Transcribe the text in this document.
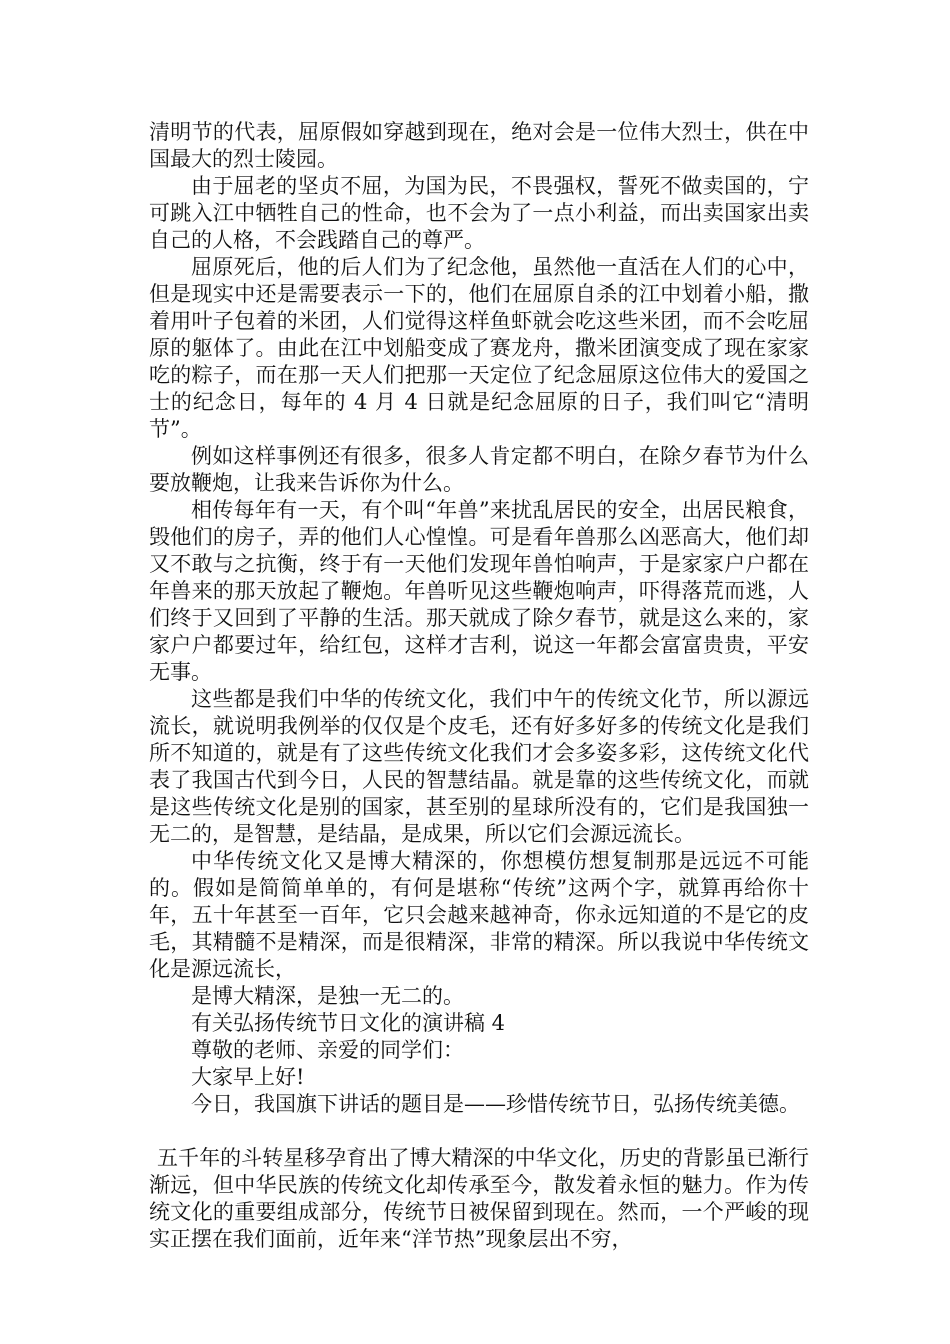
清明节的代表，屈原假如穿越到现在，绝对会是一位伟大烈士，供在中国最大的烈士陵园。

由于屈老的坚贞不屈，为国为民，不畏强权，誓死不做卖国的，宁可跳入江中牺牲自己的性命，也不会为了一点小利益，而出卖国家出卖自己的人格，不会践踏自己的尊严。

屈原死后，他的后人们为了纪念他，虽然他一直活在人们的心中，但是现实中还是需要表示一下的，他们在屈原自杀的江中划着小船，撒着用叶子包着的米团，人们觉得这样鱼虾就会吃这些米团，而不会吃屈原的躯体了。由此在江中划船变成了赛龙舟，撒米团演变成了现在家家吃的粽子，而在那一天人们把那一天定位了纪念屈原这位伟大的爱国之士的纪念日，每年的 4 月 4 日就是纪念屈原的日子，我们叫它“清明节”。

例如这样事例还有很多，很多人肯定都不明白，在除夕春节为什么要放鞭炮，让我来告诉你为什么。

相传每年有一天，有个叫“年兽”来扰乱居民的安全，出居民粮食，毁他们的房子，弄的他们人心惶惶。可是看年兽那么凶恶高大，他们却又不敢与之抗衡，终于有一天他们发现年兽怕响声，于是家家户户都在年兽来的那天放起了鞭炮。年兽听见这些鞭炮响声，吓得落荒而逃，人们终于又回到了平静的生活。那天就成了除夕春节，就是这么来的，家家户户都要过年，给红包，这样才吉利，说这一年都会富富贵贵，平安无事。

这些都是我们中华的传统文化，我们中午的传统文化节，所以源远流长，就说明我例举的仅仅是个皮毛，还有好多好多的传统文化是我们所不知道的，就是有了这些传统文化我们才会多姿多彩，这传统文化代表了我国古代到今日，人民的智慧结晶。就是靠的这些传统文化，而就是这些传统文化是别的国家，甚至别的星球所没有的，它们是我国独一无二的，是智慧，是结晶，是成果，所以它们会源远流长。

中华传统文化又是博大精深的，你想模仿想复制那是远远不可能的。假如是简简单单的，有何是堪称“传统”这两个字，就算再给你十年，五十年甚至一百年，它只会越来越神奇，你永远知道的不是它的皮毛，其精髓不是精深，而是很精深，非常的精深。所以我说中华传统文化是源远流长，

是博大精深，是独一无二的。

有关弘扬传统节日文化的演讲稿 4

尊敬的老师、亲爱的同学们：

大家早上好!

今日，我国旗下讲话的题目是——珍惜传统节日，弘扬传统美德。

五千年的斗转星移孕育出了博大精深的中华文化，历史的背影虽已渐行渐远，但中华民族的传统文化却传承至今，散发着永恒的魅力。作为传统文化的重要组成部分，传统节日被保留到现在。然而，一个严峻的现实正摆在我们面前，近年来“洋节热”现象层出不穷，
